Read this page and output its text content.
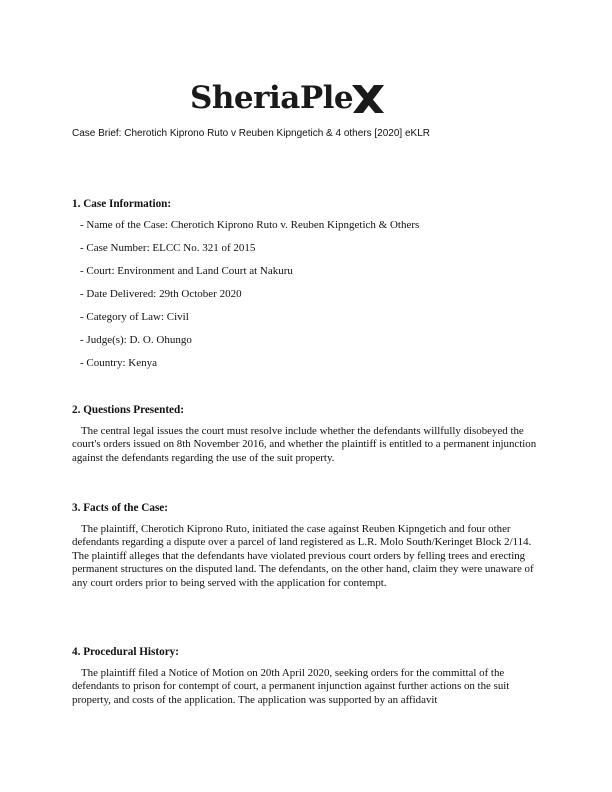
SheriaPle
Case Brief: Cherotich Kiprono Ruto v Reuben Kipngetich & 4 others [2020] eKLR
1. Case Information:
- Name of the Case: Cherotich Kiprono Ruto v. Reuben Kipngetich & Others
- Case Number: ELCC No. 321 of 2015
- Court: Environment and Land Court at Nakuru
- Date Delivered: 29th October 2020
- Category of Law: Civil
- Judge(s): D. O. Ohungo
- Country: Kenya
2. Questions Presented:

The central legal issues the court must resolve include whether the defendants willfully disobeyed the court's orders issued on 8th November 2016, and whether the plaintiff is entitled to a permanent injunction against the defendants regarding the use of the suit property.

3. Facts of the Case:

The plaintiff, Cherotich Kiprono Ruto, initiated the case against Reuben Kipngetich and four other defendants regarding a dispute over a parcel of land registered as L.R. Molo South/Keringet Block 2/114. The plaintiff alleges that the defendants have violated previous court orders by felling trees and erecting permanent structures on the disputed land. The defendants, on the other hand, claim they were unaware of any court orders prior to being served with the application for contempt.

4. Procedural History:

The plaintiff filed a Notice of Motion on 20th April 2020, seeking orders for the committal of the defendants to prison for contempt of court, a permanent injunction against further actions on the suit property, and costs of the application. The application was supported by an affidavit
